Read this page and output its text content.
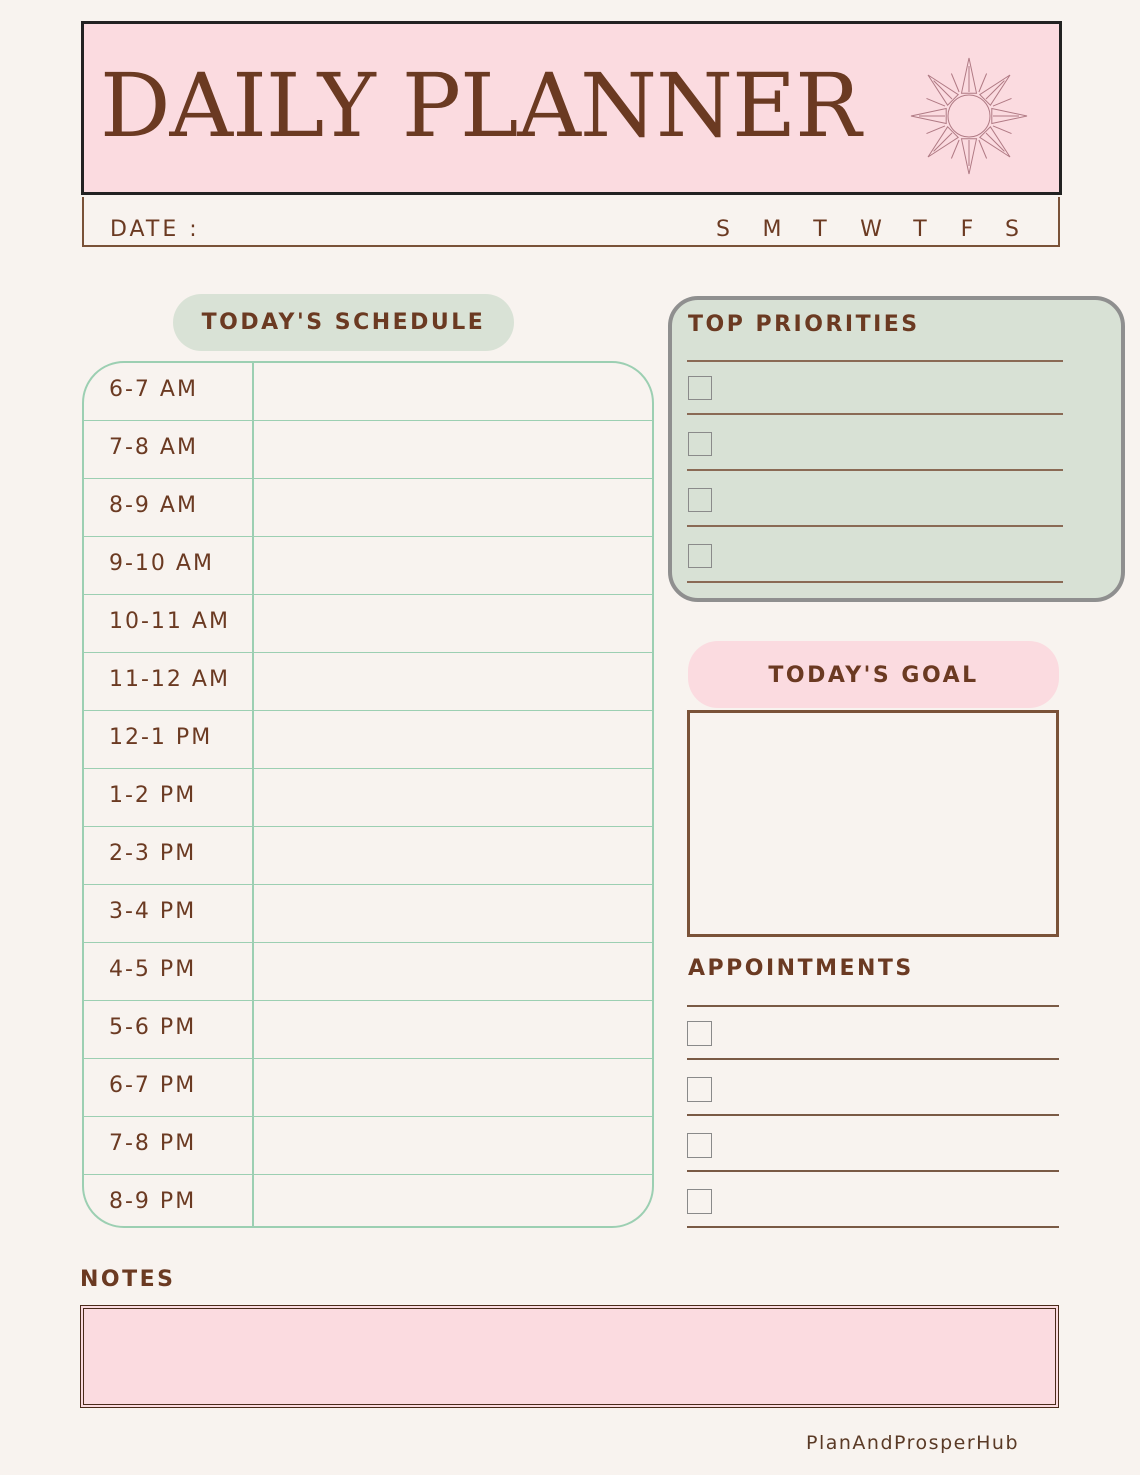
DAILY PLANNER
DATE :	S M T W T F S
TODAY'S SCHEDULE
6-7 AM
7-8 AM
8-9 AM
9-10 AM
10-11 AM
11-12 AM
12-1 PM
1-2 PM
2-3 PM
3-4 PM
4-5 PM
5-6 PM
6-7 PM
7-8 PM
8-9 PM
TOP PRIORITIES
TODAY'S GOAL
APPOINTMENTS
NOTES
PlanAndProsperHub
